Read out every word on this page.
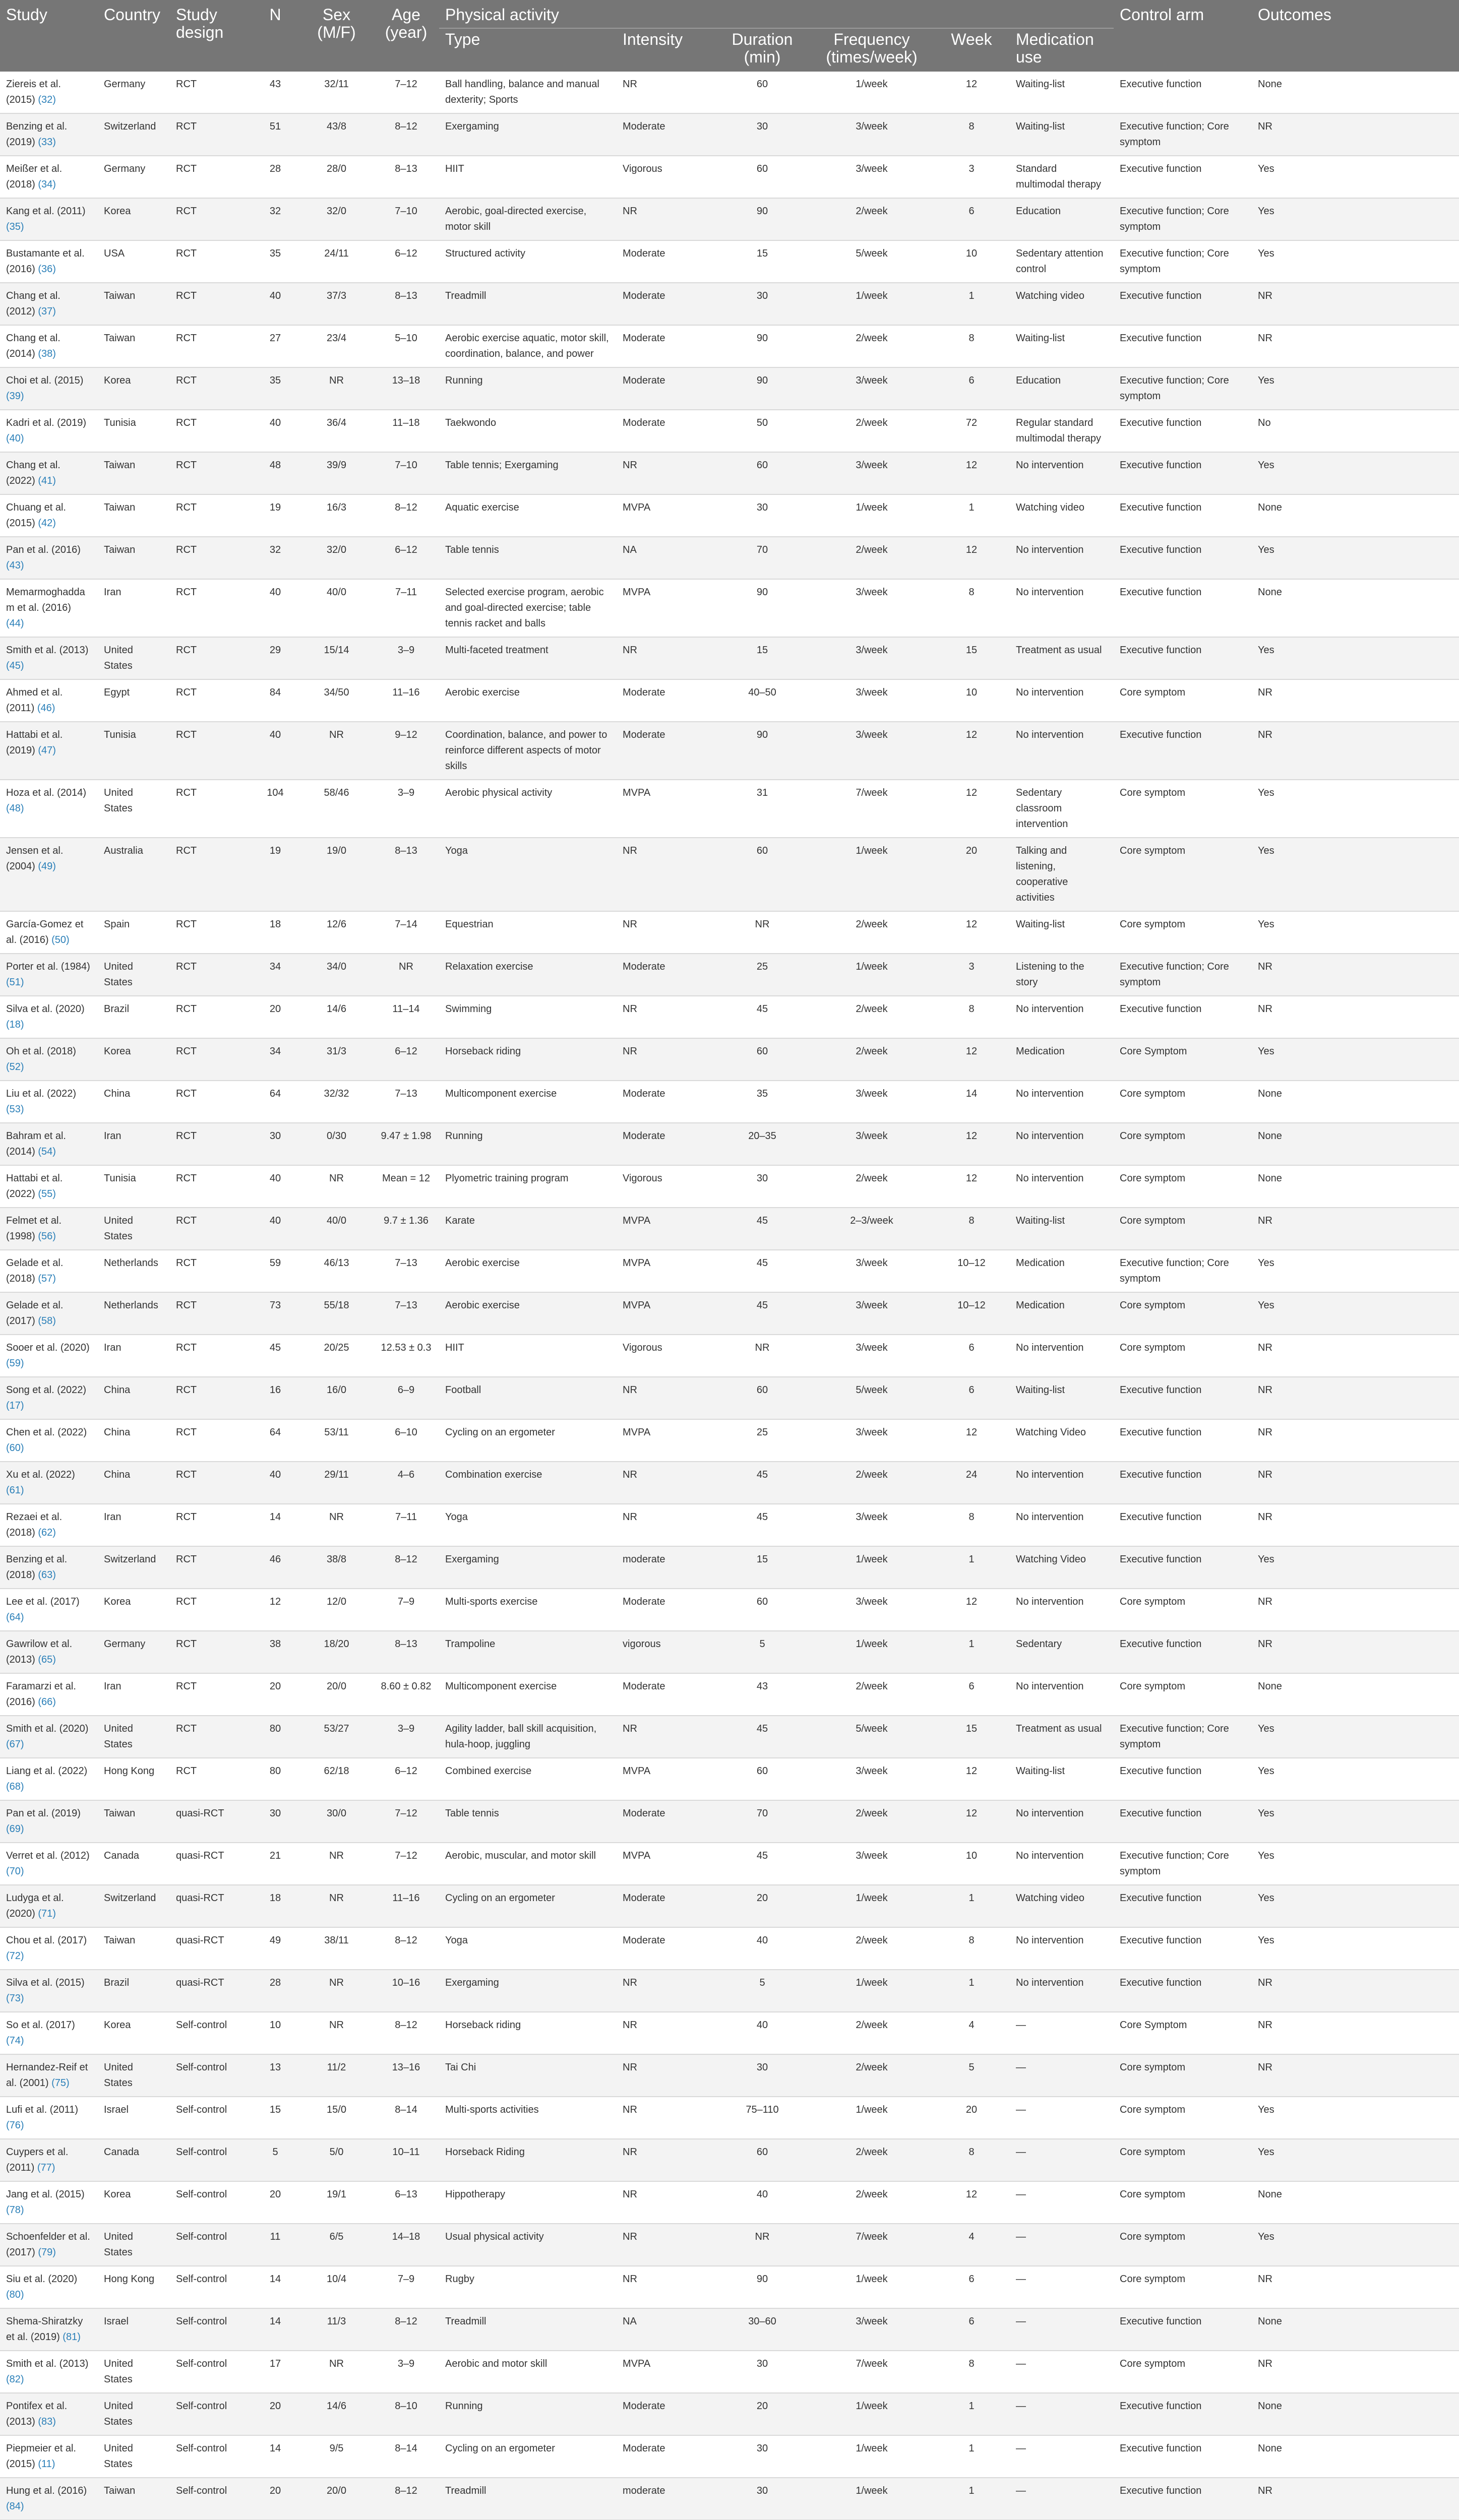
Study	Country	Study design	N	Sex (M/F)	Age (year)	Physical activity						Control arm	Outcomes
						Type	Intensity	Duration (min)	Frequency (times/week)	Week	Medication use		
Ziereis et al. (2015) (32)	Germany	RCT	43	32/11	7–12	Ball handling, balance and manual dexterity; Sports	NR	60	1/week	12	Waiting-list	Executive function	None
Benzing et al. (2019) (33)	Switzerland	RCT	51	43/8	8–12	Exergaming	Moderate	30	3/week	8	Waiting-list	Executive function; Core symptom	NR
Meißer et al. (2018) (34)	Germany	RCT	28	28/0	8–13	HIIT	Vigorous	60	3/week	3	Standard multimodal therapy	Executive function	Yes
Kang et al. (2011) (35)	Korea	RCT	32	32/0	7–10	Aerobic, goal-directed exercise, motor skill	NR	90	2/week	6	Education	Executive function; Core symptom	Yes
Bustamante et al. (2016) (36)	USA	RCT	35	24/11	6–12	Structured activity	Moderate	15	5/week	10	Sedentary attention control	Executive function; Core symptom	Yes
Chang et al. (2012) (37)	Taiwan	RCT	40	37/3	8–13	Treadmill	Moderate	30	1/week	1	Watching video	Executive function	NR
Chang et al. (2014) (38)	Taiwan	RCT	27	23/4	5–10	Aerobic exercise aquatic, motor skill, coordination, balance, and power	Moderate	90	2/week	8	Waiting-list	Executive function	NR
Choi et al. (2015) (39)	Korea	RCT	35	NR	13–18	Running	Moderate	90	3/week	6	Education	Executive function; Core symptom	Yes
Kadri et al. (2019) (40)	Tunisia	RCT	40	36/4	11–18	Taekwondo	Moderate	50	2/week	72	Regular standard multimodal therapy	Executive function	No
Chang et al. (2022) (41)	Taiwan	RCT	48	39/9	7–10	Table tennis; Exergaming	NR	60	3/week	12	No intervention	Executive function	Yes
Chuang et al. (2015) (42)	Taiwan	RCT	19	16/3	8–12	Aquatic exercise	MVPA	30	1/week	1	Watching video	Executive function	None
Pan et al. (2016) (43)	Taiwan	RCT	32	32/0	6–12	Table tennis	NA	70	2/week	12	No intervention	Executive function	Yes
Memarmoghaddam et al. (2016) (44)	Iran	RCT	40	40/0	7–11	Selected exercise program, aerobic and goal-directed exercise; table tennis racket and balls	MVPA	90	3/week	8	No intervention	Executive function	None
Smith et al. (2013) (45)	United States	RCT	29	15/14	3–9	Multi-faceted treatment	NR	15	3/week	15	Treatment as usual	Executive function	Yes
Ahmed et al. (2011) (46)	Egypt	RCT	84	34/50	11–16	Aerobic exercise	Moderate	40–50	3/week	10	No intervention	Core symptom	NR
Hattabi et al. (2019) (47)	Tunisia	RCT	40	NR	9–12	Coordination, balance, and power to reinforce different aspects of motor skills	Moderate	90	3/week	12	No intervention	Executive function	NR
Hoza et al. (2014) (48)	United States	RCT	104	58/46	3–9	Aerobic physical activity	MVPA	31	7/week	12	Sedentary classroom intervention	Core symptom	Yes
Jensen et al. (2004) (49)	Australia	RCT	19	19/0	8–13	Yoga	NR	60	1/week	20	Talking and listening, cooperative activities	Core symptom	Yes
García-Gomez et al. (2016) (50)	Spain	RCT	18	12/6	7–14	Equestrian	NR	NR	2/week	12	Waiting-list	Core symptom	Yes
Porter et al. (1984) (51)	United States	RCT	34	34/0	NR	Relaxation exercise	Moderate	25	1/week	3	Listening to the story	Executive function; Core symptom	NR
Silva et al. (2020) (18)	Brazil	RCT	20	14/6	11–14	Swimming	NR	45	2/week	8	No intervention	Executive function	NR
Oh et al. (2018) (52)	Korea	RCT	34	31/3	6–12	Horseback riding	NR	60	2/week	12	Medication	Core Symptom	Yes
Liu et al. (2022) (53)	China	RCT	64	32/32	7–13	Multicomponent exercise	Moderate	35	3/week	14	No intervention	Core symptom	None
Bahram et al. (2014) (54)	Iran	RCT	30	0/30	9.47 ± 1.98	Running	Moderate	20–35	3/week	12	No intervention	Core symptom	None
Hattabi et al. (2022) (55)	Tunisia	RCT	40	NR	Mean = 12	Plyometric training program	Vigorous	30	2/week	12	No intervention	Core symptom	None
Felmet et al. (1998) (56)	United States	RCT	40	40/0	9.7 ± 1.36	Karate	MVPA	45	2–3/week	8	Waiting-list	Core symptom	NR
Gelade et al. (2018) (57)	Netherlands	RCT	59	46/13	7–13	Aerobic exercise	MVPA	45	3/week	10–12	Medication	Executive function; Core symptom	Yes
Gelade et al. (2017) (58)	Netherlands	RCT	73	55/18	7–13	Aerobic exercise	MVPA	45	3/week	10–12	Medication	Core symptom	Yes
Sooer et al. (2020) (59)	Iran	RCT	45	20/25	12.53 ± 0.3	HIIT	Vigorous	NR	3/week	6	No intervention	Core symptom	NR
Song et al. (2022) (17)	China	RCT	16	16/0	6–9	Football	NR	60	5/week	6	Waiting-list	Executive function	NR
Chen et al. (2022) (60)	China	RCT	64	53/11	6–10	Cycling on an ergometer	MVPA	25	3/week	12	Watching Video	Executive function	NR
Xu et al. (2022) (61)	China	RCT	40	29/11	4–6	Combination exercise	NR	45	2/week	24	No intervention	Executive function	NR
Rezaei et al. (2018) (62)	Iran	RCT	14	NR	7–11	Yoga	NR	45	3/week	8	No intervention	Executive function	NR
Benzing et al. (2018) (63)	Switzerland	RCT	46	38/8	8–12	Exergaming	moderate	15	1/week	1	Watching Video	Executive function	Yes
Lee et al. (2017) (64)	Korea	RCT	12	12/0	7–9	Multi-sports exercise	Moderate	60	3/week	12	No intervention	Core symptom	NR
Gawrilow et al. (2013) (65)	Germany	RCT	38	18/20	8–13	Trampoline	vigorous	5	1/week	1	Sedentary	Executive function	NR
Faramarzi et al. (2016) (66)	Iran	RCT	20	20/0	8.60 ± 0.82	Multicomponent exercise	Moderate	43	2/week	6	No intervention	Core symptom	None
Smith et al. (2020) (67)	United States	RCT	80	53/27	3–9	Agility ladder, ball skill acquisition, hula-hoop, juggling	NR	45	5/week	15	Treatment as usual	Executive function; Core symptom	Yes
Liang et al. (2022) (68)	Hong Kong	RCT	80	62/18	6–12	Combined exercise	MVPA	60	3/week	12	Waiting-list	Executive function	Yes
Pan et al. (2019) (69)	Taiwan	quasi-RCT	30	30/0	7–12	Table tennis	Moderate	70	2/week	12	No intervention	Executive function	Yes
Verret et al. (2012) (70)	Canada	quasi-RCT	21	NR	7–12	Aerobic, muscular, and motor skill	MVPA	45	3/week	10	No intervention	Executive function; Core symptom	Yes
Ludyga et al. (2020) (71)	Switzerland	quasi-RCT	18	NR	11–16	Cycling on an ergometer	Moderate	20	1/week	1	Watching video	Executive function	Yes
Chou et al. (2017) (72)	Taiwan	quasi-RCT	49	38/11	8–12	Yoga	Moderate	40	2/week	8	No intervention	Executive function	Yes
Silva et al. (2015) (73)	Brazil	quasi-RCT	28	NR	10–16	Exergaming	NR	5	1/week	1	No intervention	Executive function	NR
So et al. (2017) (74)	Korea	Self-control	10	NR	8–12	Horseback riding	NR	40	2/week	4	—	Core Symptom	NR
Hernandez-Reif et al. (2001) (75)	United States	Self-control	13	11/2	13–16	Tai Chi	NR	30	2/week	5	—	Core symptom	NR
Lufi et al. (2011) (76)	Israel	Self-control	15	15/0	8–14	Multi-sports activities	NR	75–110	1/week	20	—	Core symptom	Yes
Cuypers et al. (2011) (77)	Canada	Self-control	5	5/0	10–11	Horseback Riding	NR	60	2/week	8	—	Core symptom	Yes
Jang et al. (2015) (78)	Korea	Self-control	20	19/1	6–13	Hippotherapy	NR	40	2/week	12	—	Core symptom	None
Schoenfelder et al. (2017) (79)	United States	Self-control	11	6/5	14–18	Usual physical activity	NR	NR	7/week	4	—	Core symptom	Yes
Siu et al. (2020) (80)	Hong Kong	Self-control	14	10/4	7–9	Rugby	NR	90	1/week	6	—	Core symptom	NR
Shema-Shiratzky et al. (2019) (81)	Israel	Self-control	14	11/3	8–12	Treadmill	NA	30–60	3/week	6	—	Executive function	None
Smith et al. (2013) (82)	United States	Self-control	17	NR	3–9	Aerobic and motor skill	MVPA	30	7/week	8	—	Core symptom	NR
Pontifex et al. (2013) (83)	United States	Self-control	20	14/6	8–10	Running	Moderate	20	1/week	1	—	Executive function	None
Piepmeier et al. (2015) (11)	United States	Self-control	14	9/5	8–14	Cycling on an ergometer	Moderate	30	1/week	1	—	Executive function	None
Hung et al. (2016) (84)	Taiwan	Self-control	20	20/0	8–12	Treadmill	moderate	30	1/week	1	—	Executive function	NR
